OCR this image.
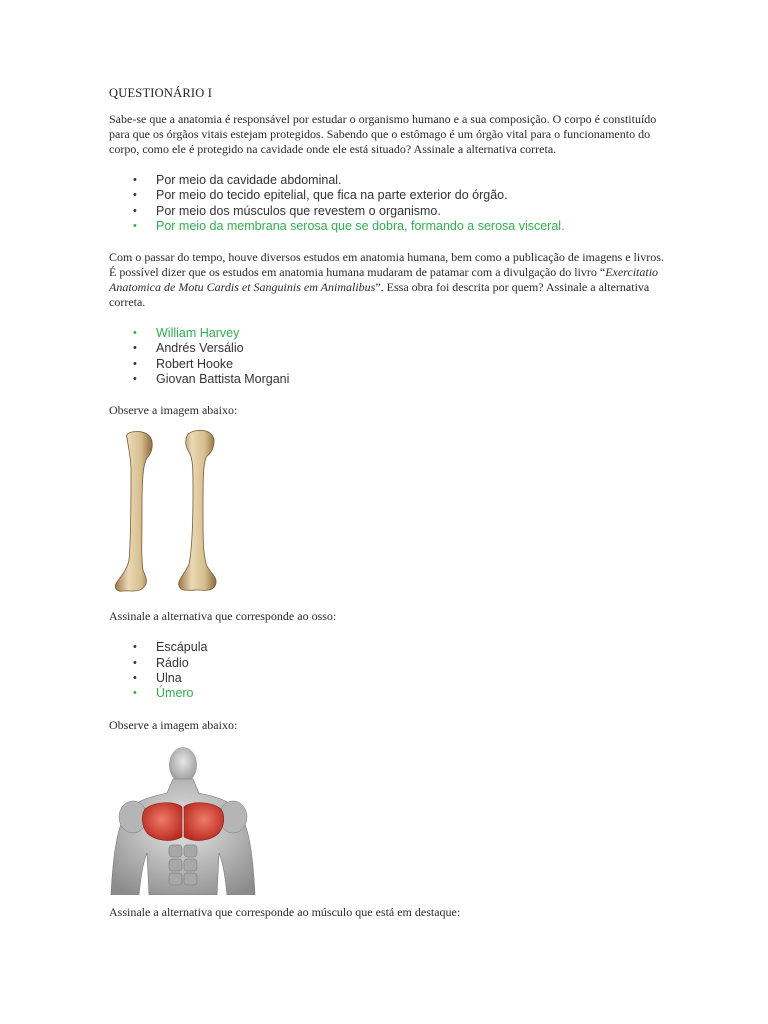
QUESTIONÁRIO I

Sabe-se que a anatomia é responsável por estudar o organismo humano e a sua composição. O corpo é constituído para que os órgãos vitais estejam protegidos. Sabendo que o estômago é um órgão vital para o funcionamento do corpo, como ele é protegido na cavidade onde ele está situado? Assinale a alternativa correta.

• Por meio da cavidade abdominal.
• Por meio do tecido epitelial, que fica na parte exterior do órgão.
• Por meio dos músculos que revestem o organismo.
• Por meio da membrana serosa que se dobra, formando a serosa visceral.

Com o passar do tempo, houve diversos estudos em anatomia humana, bem como a publicação de imagens e livros. É possível dizer que os estudos em anatomia humana mudaram de patamar com a divulgação do livro “Exercitatio Anatomica de Motu Cardis et Sanguinis em Animalibus”. Essa obra foi descrita por quem? Assinale a alternativa correta.

• William Harvey
• Andrés Versálio
• Robert Hooke
• Giovan Battista Morgani

Observe a imagem abaixo:

Assinale a alternativa que corresponde ao osso:

• Escápula
• Rádio
• Ulna
• Úmero

Observe a imagem abaixo:

Assinale a alternativa que corresponde ao músculo que está em destaque:
